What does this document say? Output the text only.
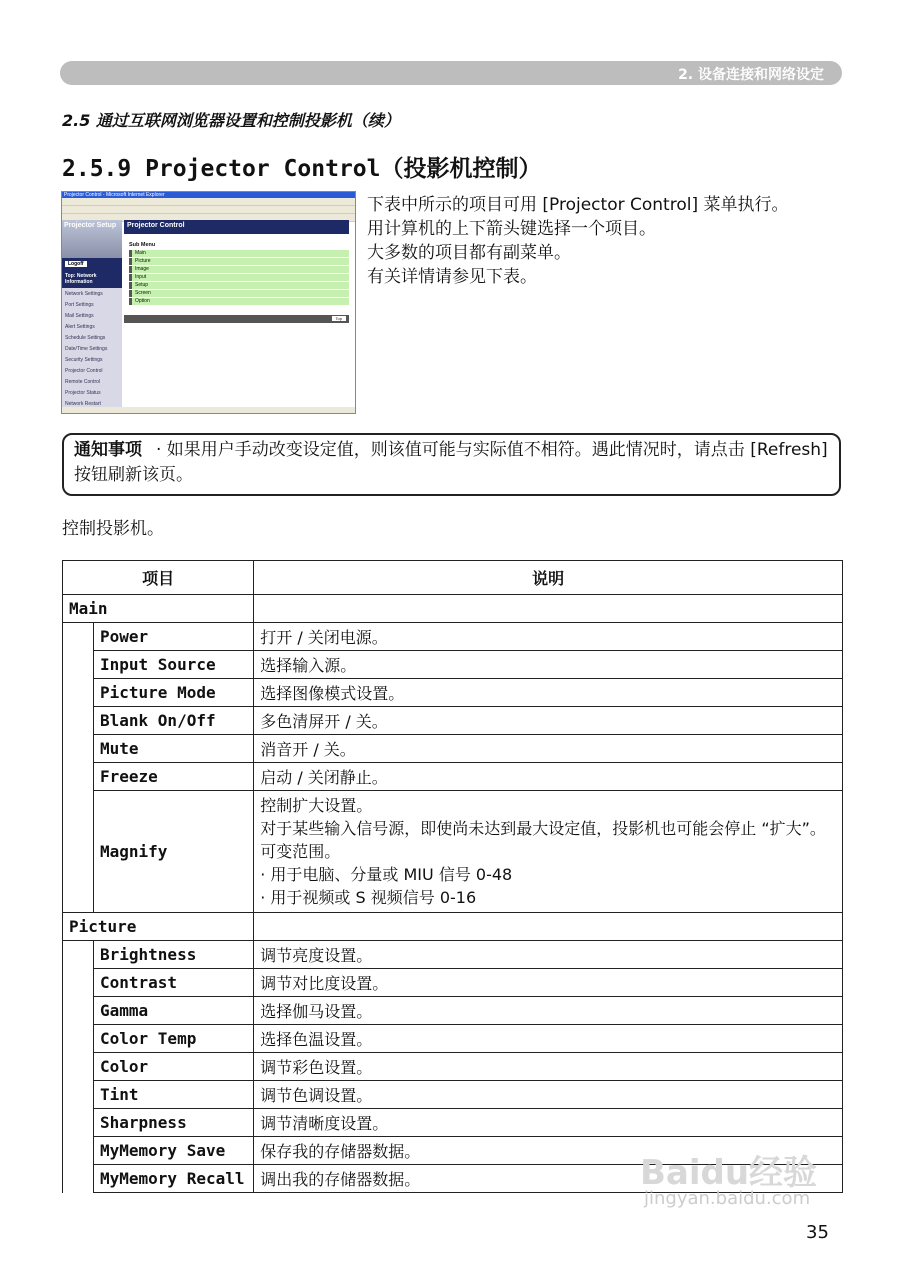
2. 设备连接和网络设定
2.5 通过互联网浏览器设置和控制投影机（续）
2.5.9 Projector Control（投影机控制）
Projector Control - Microsoft Internet Explorer
Projector Setup
Logoff
Top: Network Information
Network Settings
Port Settings
Mail Settings
Alert Settings
Schedule Settings
Date/Time Settings
Security Settings
Projector Control
Remote Control
Projector Status
Network Restart
Projector Control
Sub Menu
Main
Picture
Image
Input
Setup
Screen
Option
Top
下表中所示的项目可用 [Projector Control] 菜单执行。
用计算机的上下箭头键选择一个项目。
大多数的项目都有副菜单。
有关详情请参见下表。
通知事项 · 如果用户手动改变设定值，则该值可能与实际值不相符。遇此情况时，请点击 [Refresh] 按钮刷新该页。
控制投影机。
项目		说明
Main		
	Power	打开 / 关闭电源。
	Input Source	选择输入源。
	Picture Mode	选择图像模式设置。
	Blank On/Off	多色清屏开 / 关。
	Mute	消音开 / 关。
	Freeze	启动 / 关闭静止。
	Magnify	控制扩大设置。
对于某些输入信号源，即使尚未达到最大设定值，投影机也可能会停止 “扩大”。
可变范围。
· 用于电脑、分量或 MIU 信号 0-48
· 用于视频或 S 视频信号 0-16

Picture		
	Brightness	调节亮度设置。
	Contrast	调节对比度设置。
	Gamma	选择伽马设置。
	Color Temp	选择色温设置。
	Color	调节彩色设置。
	Tint	调节色调设置。
	Sharpness	调节清晰度设置。
	MyMemory Save	保存我的存储器数据。
	MyMemory Recall	调出我的存储器数据。	Baidu经验
jingyan.baidu.com
35
